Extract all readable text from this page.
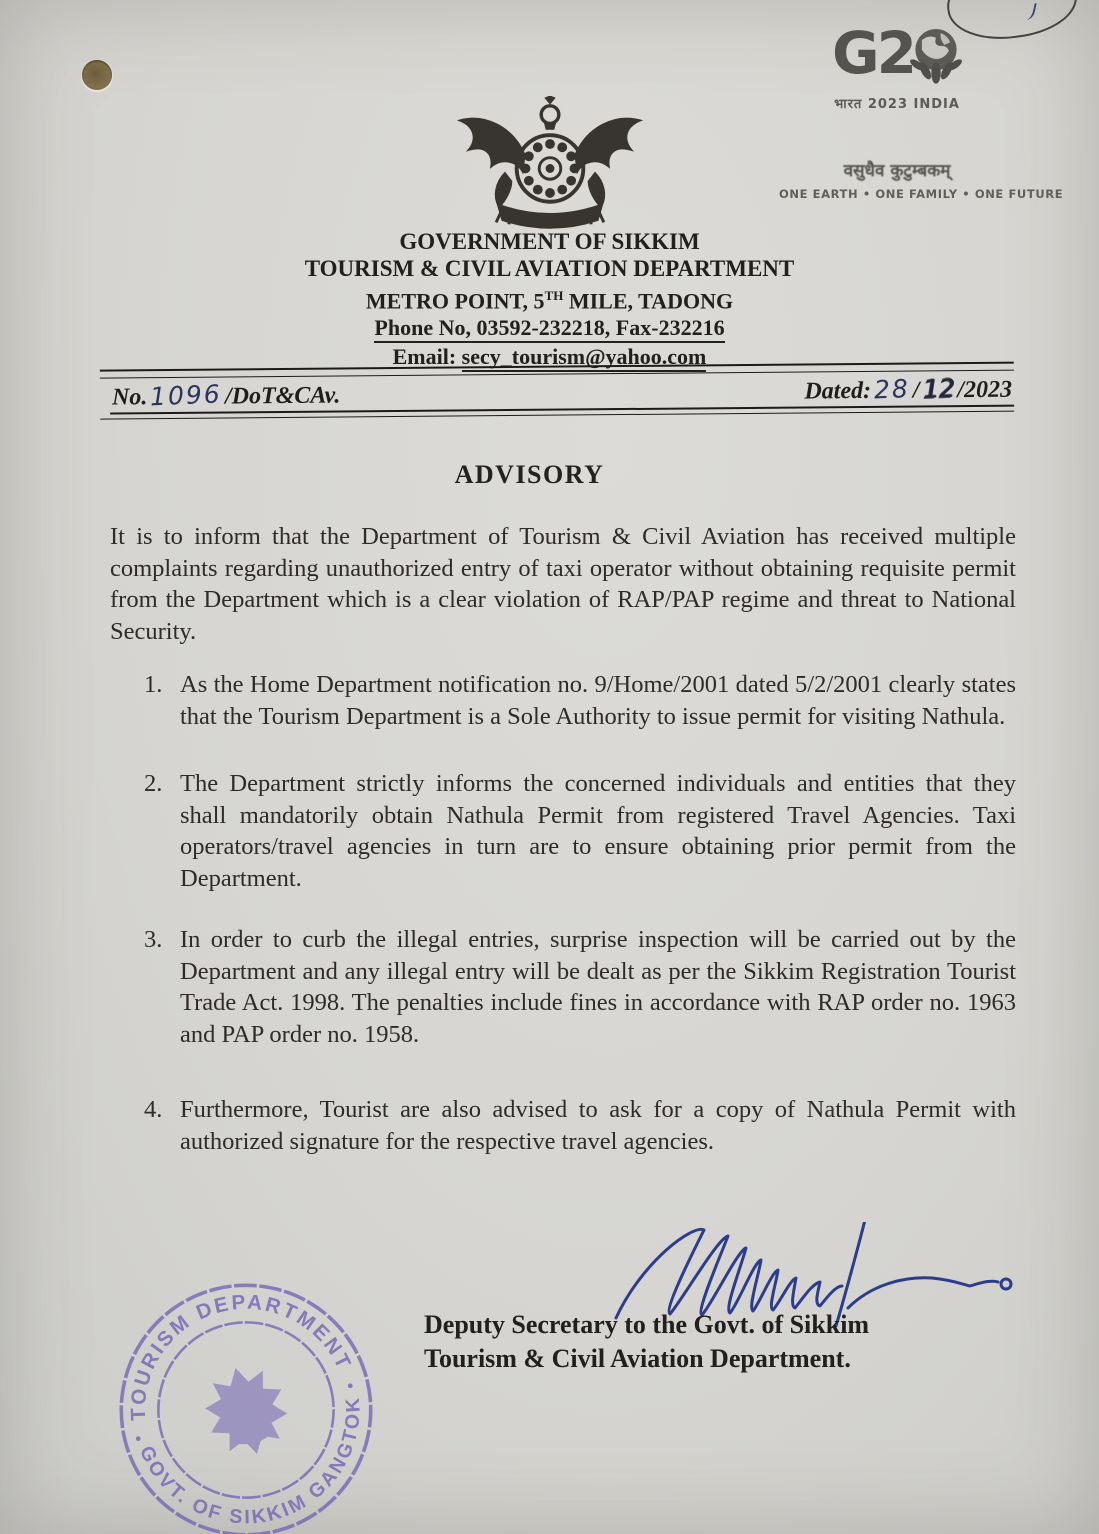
G2
भारत 2023 INDIA
वसुधैव कुटुम्बकम्
ONE EARTH • ONE FAMILY • ONE FUTURE
GOVERNMENT OF SIKKIM
TOURISM & CIVIL AVIATION DEPARTMENT
METRO POINT, 5TH MILE, TADONG
Phone No, 03592-232218, Fax-232216
Email: secy_tourism@yahoo.com
No.1096/DoT&CAv.	Dated:28/12/2023
ADVISORY

It is to inform that the Department of Tourism & Civil Aviation has received multiple complaints regarding unauthorized entry of taxi operator without obtaining requisite permit from the Department which is a clear violation of RAP/PAP regime and threat to National Security.

1. As the Home Department notification no. 9/Home/2001 dated 5/2/2001 clearly states that the Tourism Department is a Sole Authority to issue permit for visiting Nathula.
2. The Department strictly informs the concerned individuals and entities that they shall mandatorily obtain Nathula Permit from registered Travel Agencies. Taxi operators/travel agencies in turn are to ensure obtaining prior permit from the Department.
3. In order to curb the illegal entries, surprise inspection will be carried out by the Department and any illegal entry will be dealt as per the Sikkim Registration Tourist Trade Act. 1998. The penalties include fines in accordance with RAP order no. 1963 and PAP order no. 1958.
4. Furthermore, Tourist are also advised to ask for a copy of Nathula Permit with authorized signature for the respective travel agencies.
Deputy Secretary to the Govt. of Sikkim
Tourism & Civil Aviation Department.
TOURISM DEPARTMENT
GOVT. OF SIKKIM GANGTOK
•
•
